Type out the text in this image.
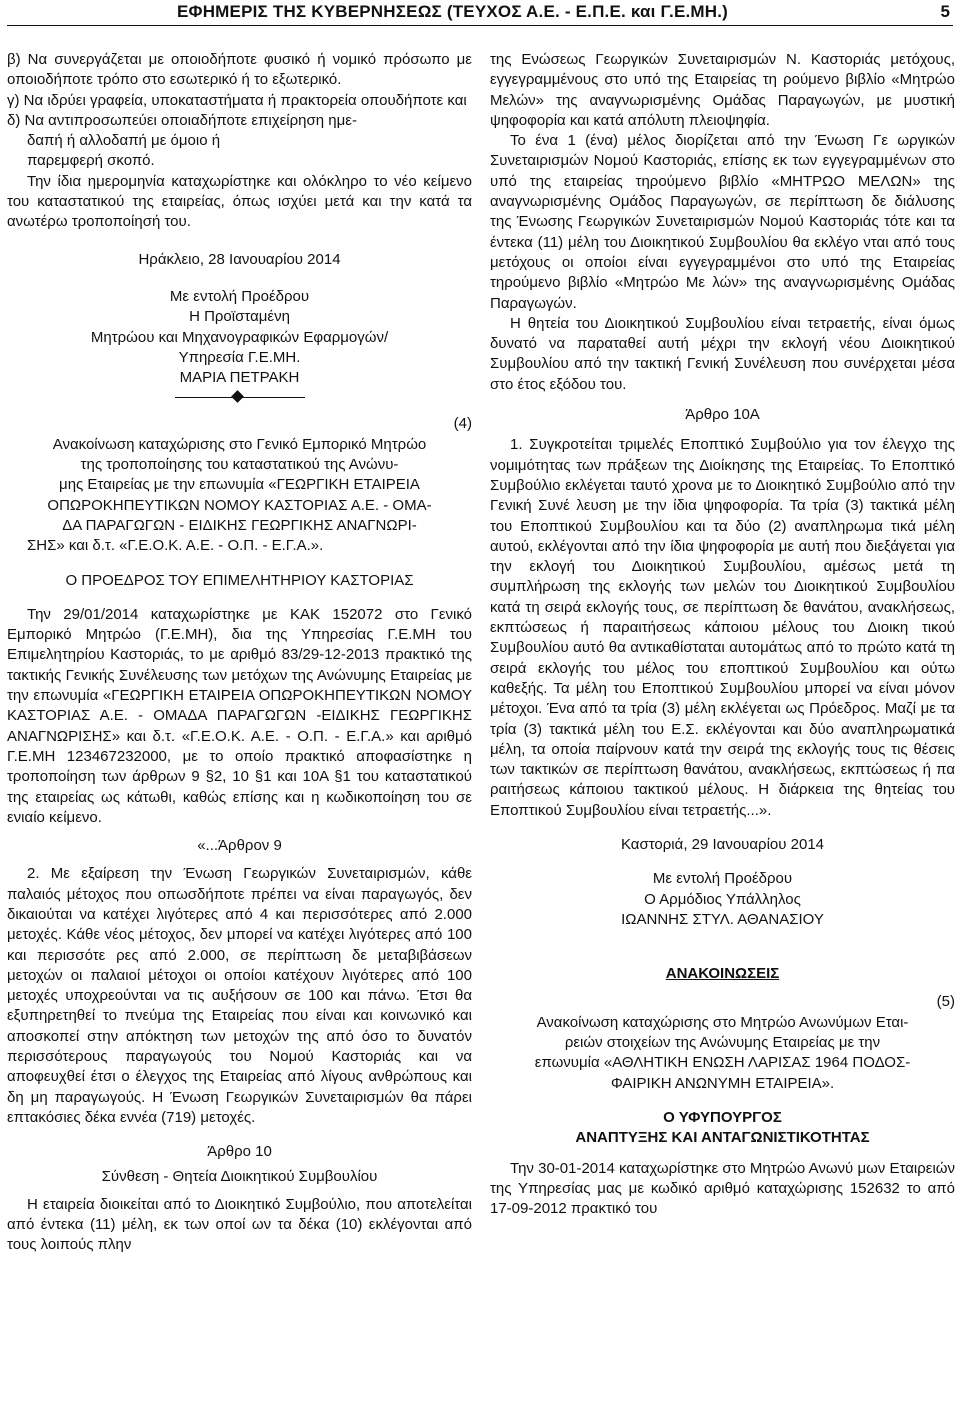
ΕΦΗΜΕΡΙΣ ΤΗΣ ΚΥΒΕΡΝΗΣΕΩΣ (ΤΕΥΧΟΣ Α.Ε. - Ε.Π.Ε. και Γ.Ε.ΜΗ.)	5

β) Να συνεργάζεται με οποιοδήποτε φυσικό ή νομικό πρόσωπο με οποιοδήποτε τρόπο στο εσωτερικό ή το εξωτερικό.

γ) Να ιδρύει γραφεία, υποκαταστήματα ή πρακτορεία οπουδήποτε και

δ) Να αντιπροσωπεύει οποιαδήποτε επιχείρηση ημε-

δαπή ή αλλοδαπή με όμοιο ή

παρεμφερή σκοπό.

Την ίδια ημερομηνία καταχωρίστηκε και ολόκληρο το νέο κείμενο του καταστατικού της εταιρείας, όπως ισχύει μετά και την κατά τα ανωτέρω τροποποίησή του.

Ηράκλειο, 28 Ιανουαρίου 2014

Με εντολή Προέδρου

Η Προϊσταμένη

Μητρώου και Μηχανογραφικών Εφαρμογών/

Υπηρεσία Γ.Ε.ΜΗ.

ΜΑΡΙΑ ΠΕΤΡΑΚΗ

(4)

Ανακοίνωση καταχώρισης στο Γενικό Εμπορικό Μητρώο

της τροποποίησης του καταστατικού της Ανώνυ-

μης Εταιρείας με την επωνυμία «ΓΕΩΡΓΙΚΗ ΕΤΑΙΡΕΙΑ

ΟΠΩΡΟΚΗΠΕΥΤΙΚΩΝ ΝΟΜΟΥ ΚΑΣΤΟΡΙΑΣ Α.Ε. - ΟΜΑ-

ΔΑ ΠΑΡΑΓΩΓΩΝ - ΕΙΔΙΚΗΣ ΓΕΩΡΓΙΚΗΣ ΑΝΑΓΝΩΡΙ-

ΣΗΣ» και δ.τ. «Γ.Ε.Ο.Κ. Α.Ε. - Ο.Π. - Ε.Γ.Α.».

Ο ΠΡΟΕΔΡΟΣ ΤΟΥ ΕΠΙΜΕΛΗΤΗΡΙΟΥ ΚΑΣΤΟΡΙΑΣ

Την 29/01/2014 καταχωρίστηκε με ΚΑΚ 152072 στο Γενικό Εμπορικό Μητρώο (Γ.Ε.ΜΗ), δια της Υπηρεσίας Γ.Ε.ΜΗ του Επιμελητηρίου Καστοριάς, το με αριθμό 83/29-12-2013 πρακτικό της τακτικής Γενικής Συνέλευσης των μετόχων της Ανώνυμης Εταιρείας με την επωνυμία «ΓΕΩΡΓΙΚΗ ΕΤΑΙΡΕΙΑ ΟΠΩΡΟΚΗΠΕΥΤΙΚΩΝ ΝΟΜΟΥ ΚΑΣΤΟΡΙΑΣ Α.Ε. - ΟΜΑΔΑ ΠΑΡΑΓΩΓΩΝ -ΕΙΔΙΚΗΣ ΓΕΩΡΓΙΚΗΣ ΑΝΑΓΝΩΡΙΣΗΣ» και δ.τ. «Γ.Ε.Ο.Κ. Α.Ε. - Ο.Π. - Ε.Γ.Α.» και αριθμό Γ.Ε.ΜΗ 123467232000, με το οποίο πρακτικό αποφασίστηκε η τροποποίηση των άρθρων 9 §2, 10 §1 και 10Α §1 του καταστατικού της εταιρείας ως κάτωθι, καθώς επίσης και η κωδικοποίηση του σε ενιαίο κείμενο.

«...Άρθρον 9

2. Με εξαίρεση την Ένωση Γεωργικών Συνεταιρισμών, κάθε παλαιός μέτοχος που οπωσδήποτε πρέπει να είναι παραγωγός, δεν δικαιούται να κατέχει λιγότερες από 4 και περισσότερες από 2.000 μετοχές. Κάθε νέος μέτοχος, δεν μπορεί να κατέχει λιγότερες από 100 και περισσότε ρες από 2.000, σε περίπτωση δε μεταβιβάσεων μετοχών οι παλαιοί μέτοχοι οι οποίοι κατέχουν λιγότερες από 100 μετοχές υποχρεούνται να τις αυξήσουν σε 100 και πάνω. Έτσι θα εξυπηρετηθεί το πνεύμα της Εταιρείας που είναι και κοινωνικό και αποσκοπεί στην απόκτηση των μετοχών της από όσο το δυνατόν περισσότερους παραγωγούς του Νομού Καστοριάς και να αποφευχθεί έτσι ο έλεγχος της Εταιρείας από λίγους ανθρώπους και δη μη παραγωγούς. Η Ένωση Γεωργικών Συνεταιρισμών θα πάρει επτακόσιες δέκα εννέα (719) μετοχές.

Άρθρο 10

Σύνθεση - Θητεία Διοικητικού Συμβουλίου

Η εταιρεία διοικείται από το Διοικητικό Συμβούλιο, που αποτελείται από έντεκα (11) μέλη, εκ των οποί ων τα δέκα (10) εκλέγονται από τους λοιπούς πλην

της Ενώσεως Γεωργικών Συνεταιρισμών Ν. Καστοριάς μετόχους, εγγεγραμμένους στο υπό της Εταιρείας τη ρούμενο βιβλίο «Μητρώο Μελών» της αναγνωρισμένης Ομάδας Παραγωγών, με μυστική ψηφοφορία και κατά απόλυτη πλειοψηφία.

Το ένα 1 (ένα) μέλος διορίζεται από την Ένωση Γε ωργικών Συνεταιρισμών Νομού Καστοριάς, επίσης εκ των εγγεγραμμένων στο υπό της εταιρείας τηρούμενο βιβλίο «ΜΗΤΡΩΟ ΜΕΛΩΝ» της αναγνωρισμένης Ομάδος Παραγωγών, σε περίπτωση δε διάλυσης της Ένωσης Γεωργικών Συνεταιρισμών Νομού Καστοριάς τότε και τα έντεκα (11) μέλη του Διοικητικού Συμβουλίου θα εκλέγο νται από τους μετόχους οι οποίοι είναι εγγεγραμμένοι στο υπό της Εταιρείας τηρούμενο βιβλίο «Μητρώο Με λών» της αναγνωρισμένης Ομάδας Παραγωγών.

Η θητεία του Διοικητικού Συμβουλίου είναι τετραετής, είναι όμως δυνατό να παραταθεί αυτή μέχρι την εκλογή νέου Διοικητικού Συμβουλίου από την τακτική Γενική Συνέλευση που συνέρχεται μέσα στο έτος εξόδου του.

Άρθρο 10Α

1. Συγκροτείται τριμελές Εποπτικό Συμβούλιο για τον έλεγχο της νομιμότητας των πράξεων της Διοίκησης της Εταιρείας. Το Εποπτικό Συμβούλιο εκλέγεται ταυτό χρονα με το Διοικητικό Συμβούλιο από την Γενική Συνέ λευση με την ίδια ψηφοφορία. Τα τρία (3) τακτικά μέλη του Εποπτικού Συμβουλίου και τα δύο (2) αναπληρωμα τικά μέλη αυτού, εκλέγονται από την ίδια ψηφοφορία με αυτή που διεξάγεται για την εκλογή του Διοικητικού Συμβουλίου, αμέσως μετά τη συμπλήρωση της εκλογής των μελών του Διοικητικού Συμβουλίου κατά τη σειρά εκλογής τους, σε περίπτωση δε θανάτου, ανακλήσεως, εκπτώσεως ή παραιτήσεως κάποιου μέλους του Διοικη τικού Συμβουλίου αυτό θα αντικαθίσταται αυτομάτως από το πρώτο κατά τη σειρά εκλογής του μέλος του εποπτικού Συμβουλίου και ούτω καθεξής. Τα μέλη του Εποπτικού Συμβουλίου μπορεί να είναι μόνον μέτοχοι. Ένα από τα τρία (3) μέλη εκλέγεται ως Πρόεδρος. Μαζί με τα τρία (3) τακτικά μέλη του Ε.Σ. εκλέγονται και δύο αναπληρωματικά μέλη, τα οποία παίρνουν κατά την σειρά της εκλογής τους τις θέσεις των τακτικών σε περίπτωση θανάτου, ανακλήσεως, εκπτώσεως ή πα ραιτήσεως κάποιου τακτικού μέλους. Η διάρκεια της θητείας του Εποπτικού Συμβουλίου είναι τετραετής...».

Καστοριά, 29 Ιανουαρίου 2014

Με εντολή Προέδρου

Ο Αρμόδιος Υπάλληλος

ΙΩΑΝΝΗΣ ΣΤΥΛ. ΑΘΑΝΑΣΙΟΥ

ΑΝΑΚΟΙΝΩΣΕΙΣ

(5)

Ανακοίνωση καταχώρισης στο Μητρώο Ανωνύμων Εται-

ρειών στοιχείων της Ανώνυμης Εταιρείας με την

επωνυμία «ΑΘΛΗΤΙΚΗ ΕΝΩΣΗ ΛΑΡΙΣΑΣ 1964 ΠΟΔΟΣ-

ΦΑΙΡΙΚΗ ΑΝΩΝΥΜΗ ΕΤΑΙΡΕΙΑ».

Ο ΥΦΥΠΟΥΡΓΟΣ

ΑΝΑΠΤΥΞΗΣ ΚΑΙ ΑΝΤΑΓΩΝΙΣΤΙΚΟΤΗΤΑΣ

Την 30-01-2014 καταχωρίστηκε στο Μητρώο Ανωνύ μων Εταιρειών της Υπηρεσίας μας με κωδικό αριθμό καταχώρισης 152632 το από 17-09-2012 πρακτικό του
